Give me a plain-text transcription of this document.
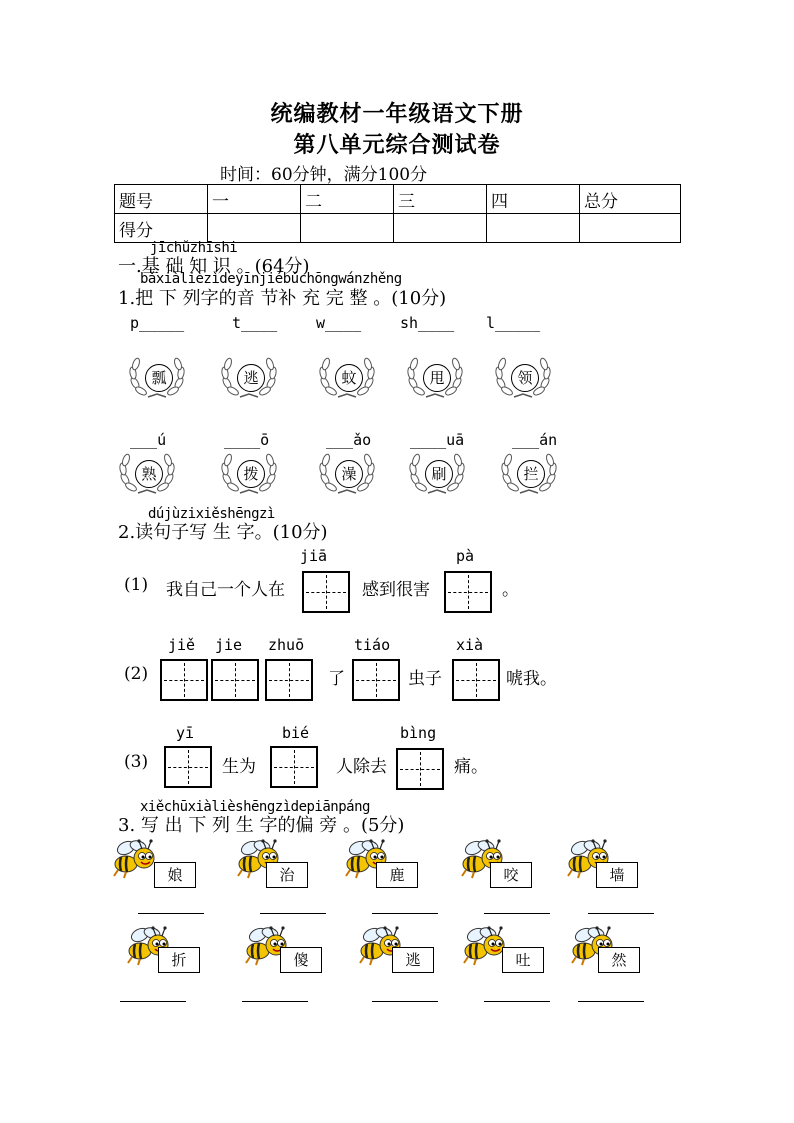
统编教材一年级语文下册
第八单元综合测试卷
时间：60分钟，满分100分
题号	一	二	三	四	总分
得分					
jīchǔzhīshi
一.基 础 知 识 。(64分)
bǎxiàlièzìdeyīnjiébǔchōngwánzhěng
1.把 下 列字的音 节补 充 完 整 。(10分)
p_____
瓢
t____
逃
w____
蚊
sh____
甩
l_____
领
___ú
熟
____ō
拨
___ǎo
澡
____uā
刷
___án
拦
dújùzixiěshēngzì
2.读句子写 生 字。(10分)
(1) 我自己一个人在
jiā
感到很害
pà
。
(2)
jiě jie zhuō
了
tiáo
虫子
xià
唬我。
(3)
yī
生为
bié
人除去
bìng
痛。
xiěchūxiàlièshēngzìdepiānpáng
3. 写 出 下 列 生 字的偏 旁 。(5分)
娘	治	鹿	咬	墙
折	傻	逃	吐	然
